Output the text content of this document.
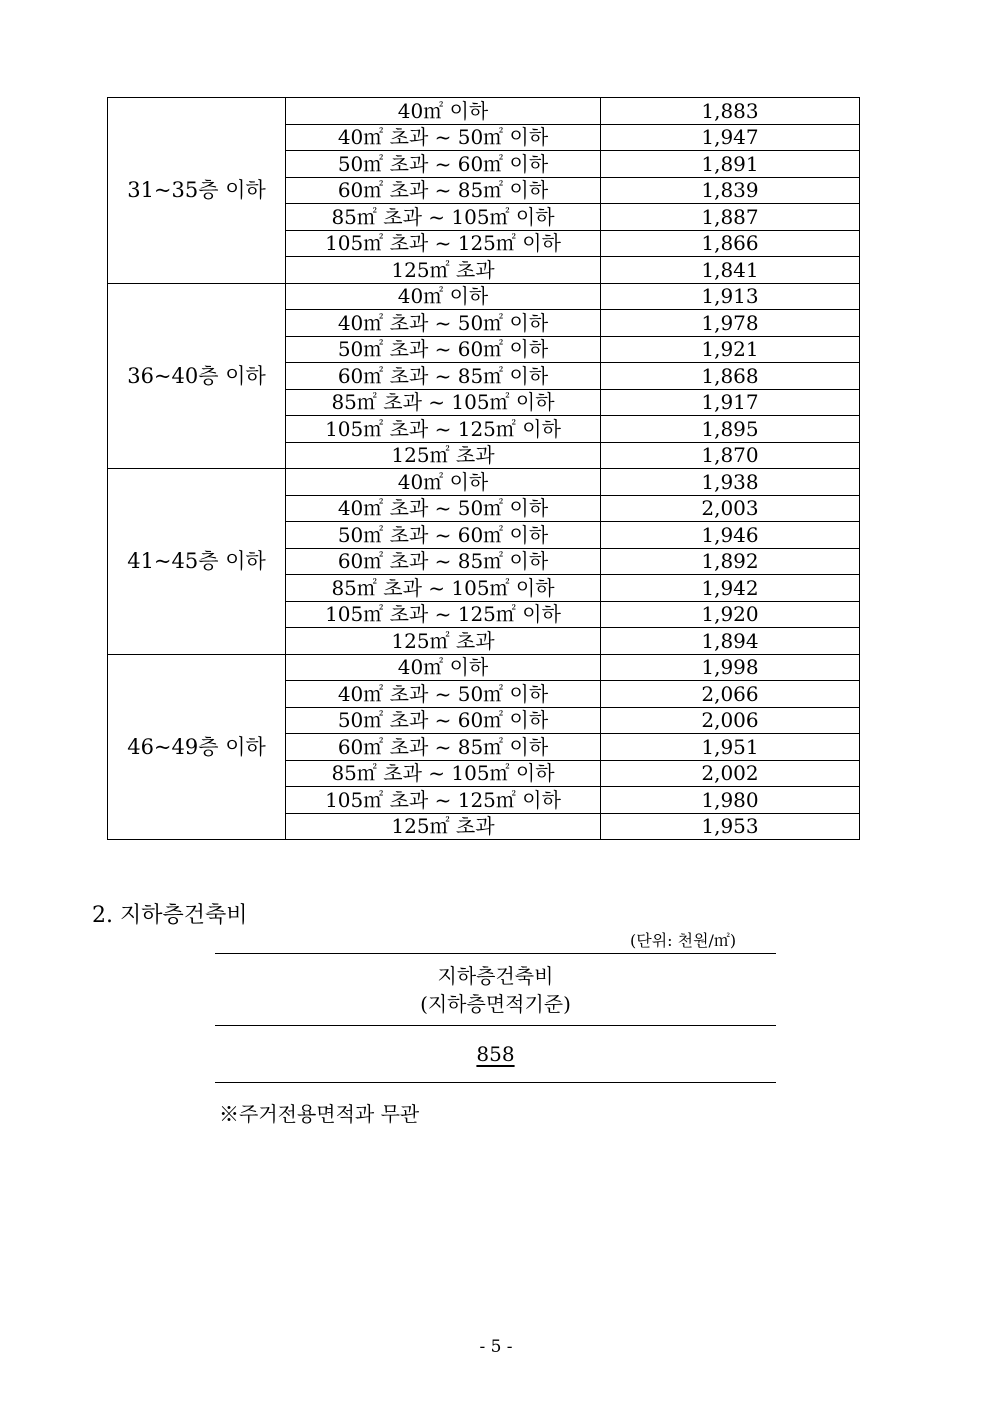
31~35층 이하	40㎡ 이하	1,883
	40㎡ 초과 ~ 50㎡ 이하	1,947
	50㎡ 초과 ~ 60㎡ 이하	1,891
	60㎡ 초과 ~ 85㎡ 이하	1,839
	85㎡ 초과 ~ 105㎡ 이하	1,887
	105㎡ 초과 ~ 125㎡ 이하	1,866
	125㎡ 초과	1,841
36~40층 이하	40㎡ 이하	1,913
	40㎡ 초과 ~ 50㎡ 이하	1,978
	50㎡ 초과 ~ 60㎡ 이하	1,921
	60㎡ 초과 ~ 85㎡ 이하	1,868
	85㎡ 초과 ~ 105㎡ 이하	1,917
	105㎡ 초과 ~ 125㎡ 이하	1,895
	125㎡ 초과	1,870
41~45층 이하	40㎡ 이하	1,938
	40㎡ 초과 ~ 50㎡ 이하	2,003
	50㎡ 초과 ~ 60㎡ 이하	1,946
	60㎡ 초과 ~ 85㎡ 이하	1,892
	85㎡ 초과 ~ 105㎡ 이하	1,942
	105㎡ 초과 ~ 125㎡ 이하	1,920
	125㎡ 초과	1,894
46~49층 이하	40㎡ 이하	1,998
	40㎡ 초과 ~ 50㎡ 이하	2,066
	50㎡ 초과 ~ 60㎡ 이하	2,006
	60㎡ 초과 ~ 85㎡ 이하	1,951
	85㎡ 초과 ~ 105㎡ 이하	2,002
	105㎡ 초과 ~ 125㎡ 이하	1,980
	125㎡ 초과	1,953
2. 지하층건축비
(단위: 천원/㎡)
지하층건축비
(지하층면적기준)
858
※주거전용면적과 무관
- 5 -
